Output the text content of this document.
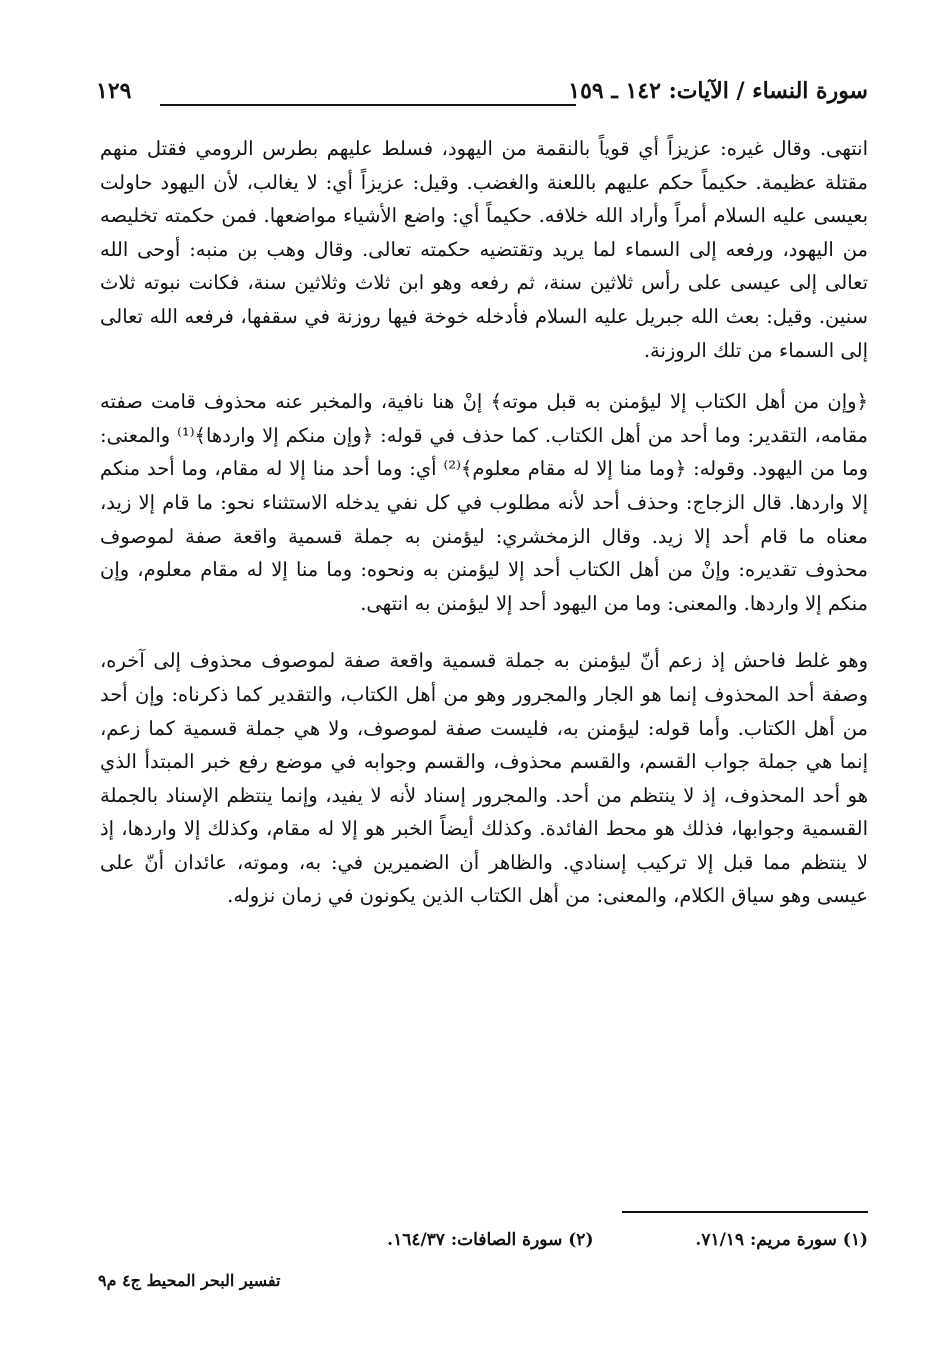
سورة النساء / الآيات: ١٤٢ ـ ١٥٩
١٢٩

انتهى. وقال غيره: عزيزاً أي قوياً بالنقمة من اليهود، فسلط عليهم بطرس الرومي فقتل منهم مقتلة عظيمة. حكيماً حكم عليهم باللعنة والغضب. وقيل: عزيزاً أي: لا يغالب، لأن اليهود حاولت بعيسى عليه السلام أمراً وأراد الله خلافه. حكيماً أي: واضع الأشياء مواضعها. فمن حكمته تخليصه من اليهود، ورفعه إلى السماء لما يريد وتقتضيه حكمته تعالى. وقال وهب بن منبه: أوحى الله تعالى إلى عيسى على رأس ثلاثين سنة، ثم رفعه وهو ابن ثلاث وثلاثين سنة، فكانت نبوته ثلاث سنين. وقيل: بعث الله جبريل عليه السلام فأدخله خوخة فيها روزنة في سقفها، فرفعه الله تعالى إلى السماء من تلك الروزنة.

﴿وإن من أهل الكتاب إلا ليؤمنن به قبل موته﴾ إنْ هنا نافية، والمخبر عنه محذوف قامت صفته مقامه، التقدير: وما أحد من أهل الكتاب. كما حذف في قوله: ﴿وإن منكم إلا واردها﴾⁽¹⁾ والمعنى: وما من اليهود. وقوله: ﴿وما منا إلا له مقام معلوم﴾⁽²⁾ أي: وما أحد منا إلا له مقام، وما أحد منكم إلا واردها. قال الزجاج: وحذف أحد لأنه مطلوب في كل نفي يدخله الاستثناء نحو: ما قام إلا زيد، معناه ما قام أحد إلا زيد. وقال الزمخشري: ليؤمنن به جملة قسمية واقعة صفة لموصوف محذوف تقديره: وإنْ من أهل الكتاب أحد إلا ليؤمنن به ونحوه: وما منا إلا له مقام معلوم، وإن منكم إلا واردها. والمعنى: وما من اليهود أحد إلا ليؤمنن به انتهى.

وهو غلط فاحش إذ زعم أنّ ليؤمنن به جملة قسمية واقعة صفة لموصوف محذوف إلى آخره، وصفة أحد المحذوف إنما هو الجار والمجرور وهو من أهل الكتاب، والتقدير كما ذكرناه: وإن أحد من أهل الكتاب. وأما قوله: ليؤمنن به، فليست صفة لموصوف، ولا هي جملة قسمية كما زعم، إنما هي جملة جواب القسم، والقسم محذوف، والقسم وجوابه في موضع رفع خبر المبتدأ الذي هو أحد المحذوف، إذ لا ينتظم من أحد. والمجرور إسناد لأنه لا يفيد، وإنما ينتظم الإسناد بالجملة القسمية وجوابها، فذلك هو محط الفائدة. وكذلك أيضاً الخبر هو إلا له مقام، وكذلك إلا واردها، إذ لا ينتظم مما قبل إلا تركيب إسنادي. والظاهر أن الضميرين في: به، وموته، عائدان أنّ على عيسى وهو سياق الكلام، والمعنى: من أهل الكتاب الذين يكونون في زمان نزوله.

(١) سورة مريم: ٧١/١٩. (٢) سورة الصافات: ١٦٤/٣٧.
تفسير البحر المحيط ج٤ م٩
